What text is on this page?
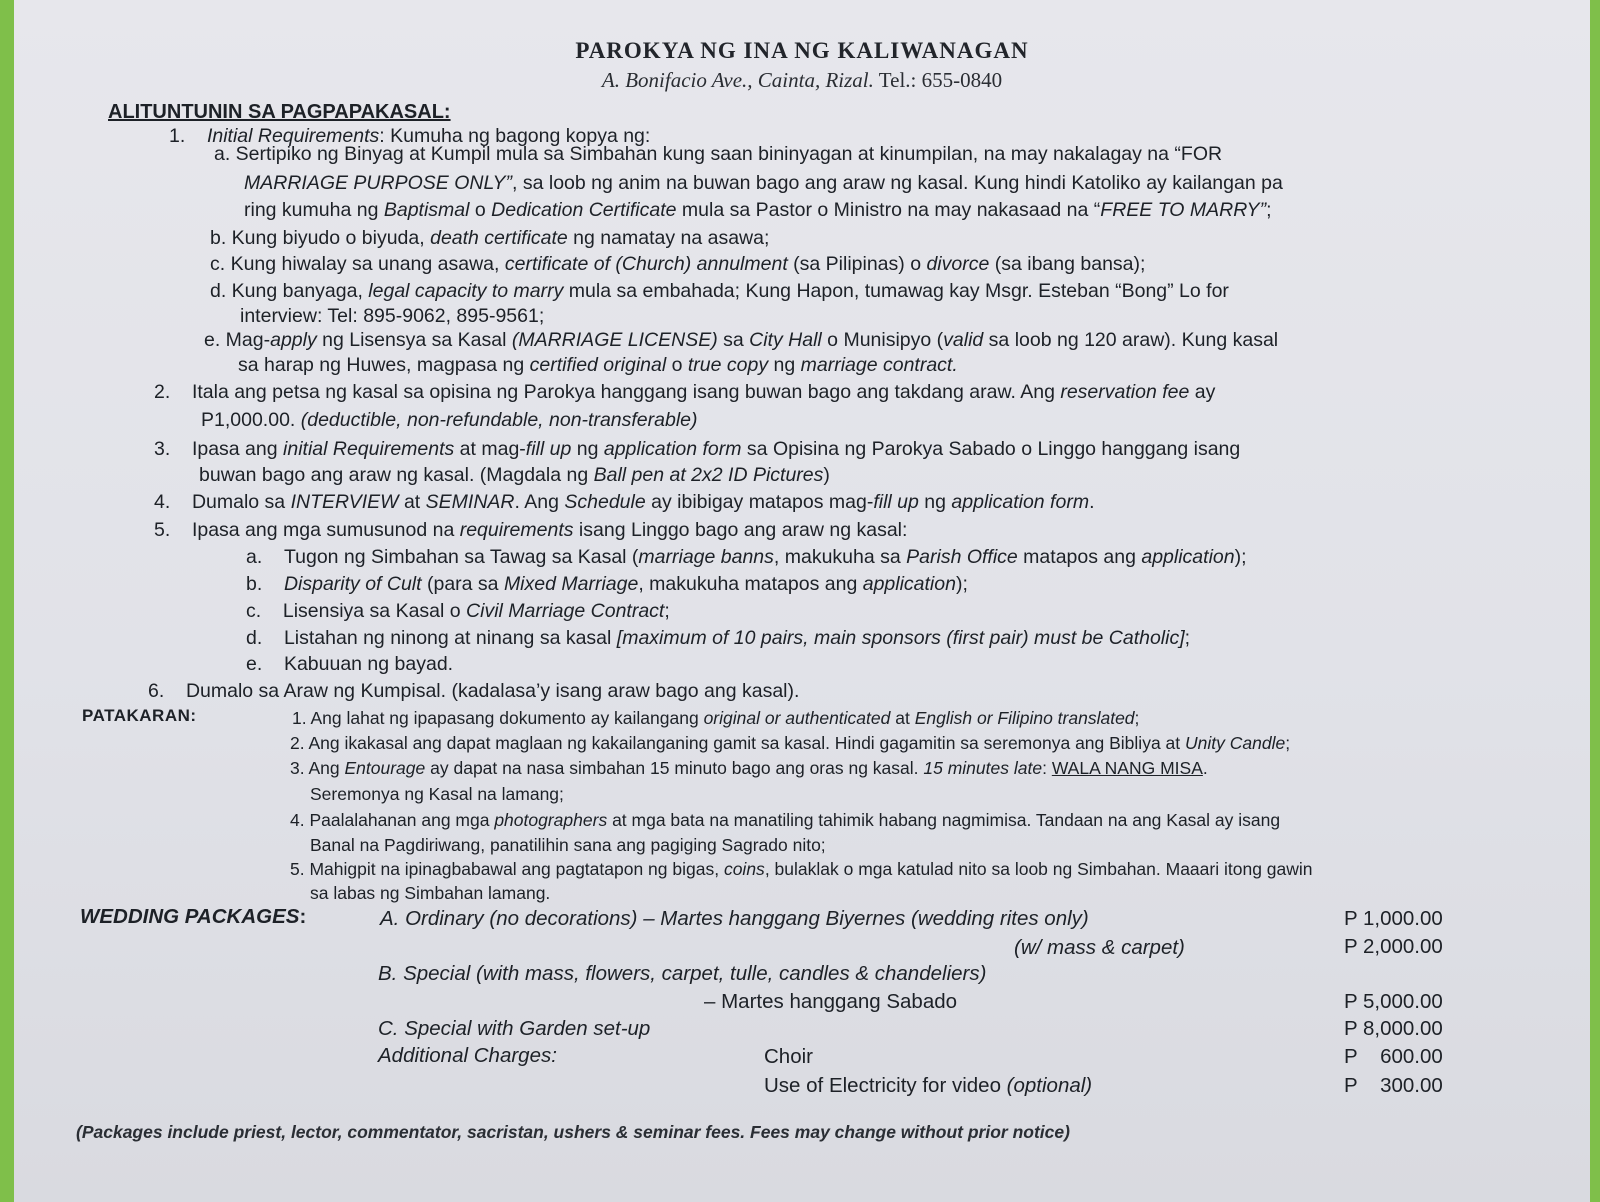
PAROKYA NG INA NG KALIWANAGAN
A. Bonifacio Ave., Cainta, Rizal. Tel.: 655-0840
ALITUNTUNIN SA PAGPAPAKASAL:
1. Initial Requirements: Kumuha ng bagong kopya ng:
a. Sertipiko ng Binyag at Kumpil mula sa Simbahan kung saan bininyagan at kinumpilan, na may nakalagay na “FOR
MARRIAGE PURPOSE ONLY”, sa loob ng anim na buwan bago ang araw ng kasal. Kung hindi Katoliko ay kailangan pa
ring kumuha ng Baptismal o Dedication Certificate mula sa Pastor o Ministro na may nakasaad na “FREE TO MARRY”;
b. Kung biyudo o biyuda, death certificate ng namatay na asawa;
c. Kung hiwalay sa unang asawa, certificate of (Church) annulment (sa Pilipinas) o divorce (sa ibang bansa);
d. Kung banyaga, legal capacity to marry mula sa embahada; Kung Hapon, tumawag kay Msgr. Esteban “Bong” Lo for
interview: Tel: 895-9062, 895-9561;
e. Mag-apply ng Lisensya sa Kasal (MARRIAGE LICENSE) sa City Hall o Munisipyo (valid sa loob ng 120 araw). Kung kasal
sa harap ng Huwes, magpasa ng certified original o true copy ng marriage contract.
2. Itala ang petsa ng kasal sa opisina ng Parokya hanggang isang buwan bago ang takdang araw. Ang reservation fee ay
P1,000.00. (deductible, non-refundable, non-transferable)
3. Ipasa ang initial Requirements at mag-fill up ng application form sa Opisina ng Parokya Sabado o Linggo hanggang isang
buwan bago ang araw ng kasal. (Magdala ng Ball pen at 2x2 ID Pictures)
4. Dumalo sa INTERVIEW at SEMINAR. Ang Schedule ay ibibigay matapos mag-fill up ng application form.
5. Ipasa ang mga sumusunod na requirements isang Linggo bago ang araw ng kasal:
a. Tugon ng Simbahan sa Tawag sa Kasal (marriage banns, makukuha sa Parish Office matapos ang application);
b. Disparity of Cult (para sa Mixed Marriage, makukuha matapos ang application);
c. Lisensiya sa Kasal o Civil Marriage Contract;
d. Listahan ng ninong at ninang sa kasal [maximum of 10 pairs, main sponsors (first pair) must be Catholic];
e. Kabuuan ng bayad.
6. Dumalo sa Araw ng Kumpisal. (kadalasa’y isang araw bago ang kasal).
PATAKARAN:	1. Ang lahat ng ipapasang dokumento ay kailangang original or authenticated at English or Filipino translated;
2. Ang ikakasal ang dapat maglaan ng kakailanganing gamit sa kasal. Hindi gagamitin sa seremonya ang Bibliya at Unity Candle;
3. Ang Entourage ay dapat na nasa simbahan 15 minuto bago ang oras ng kasal. 15 minutes late: WALA NANG MISA.
Seremonya ng Kasal na lamang;
4. Paalalahanan ang mga photographers at mga bata na manatiling tahimik habang nagmimisa. Tandaan na ang Kasal ay isang
Banal na Pagdiriwang, panatilihin sana ang pagiging Sagrado nito;
5. Mahigpit na ipinagbabawal ang pagtatapon ng bigas, coins, bulaklak o mga katulad nito sa loob ng Simbahan. Maaari itong gawin
sa labas ng Simbahan lamang.
WEDDING PACKAGES:	A. Ordinary (no decorations) – Martes hanggang Biyernes (wedding rites only)	P 1,000.00
(w/ mass & carpet)	P 2,000.00
B. Special (with mass, flowers, carpet, tulle, candles & chandeliers)
– Martes hanggang Sabado	P 5,000.00
C. Special with Garden set-up	P 8,000.00
Additional Charges:	Choir	P    600.00
Use of Electricity for video (optional)	P    300.00
(Packages include priest, lector, commentator, sacristan, ushers & seminar fees. Fees may change without prior notice)
